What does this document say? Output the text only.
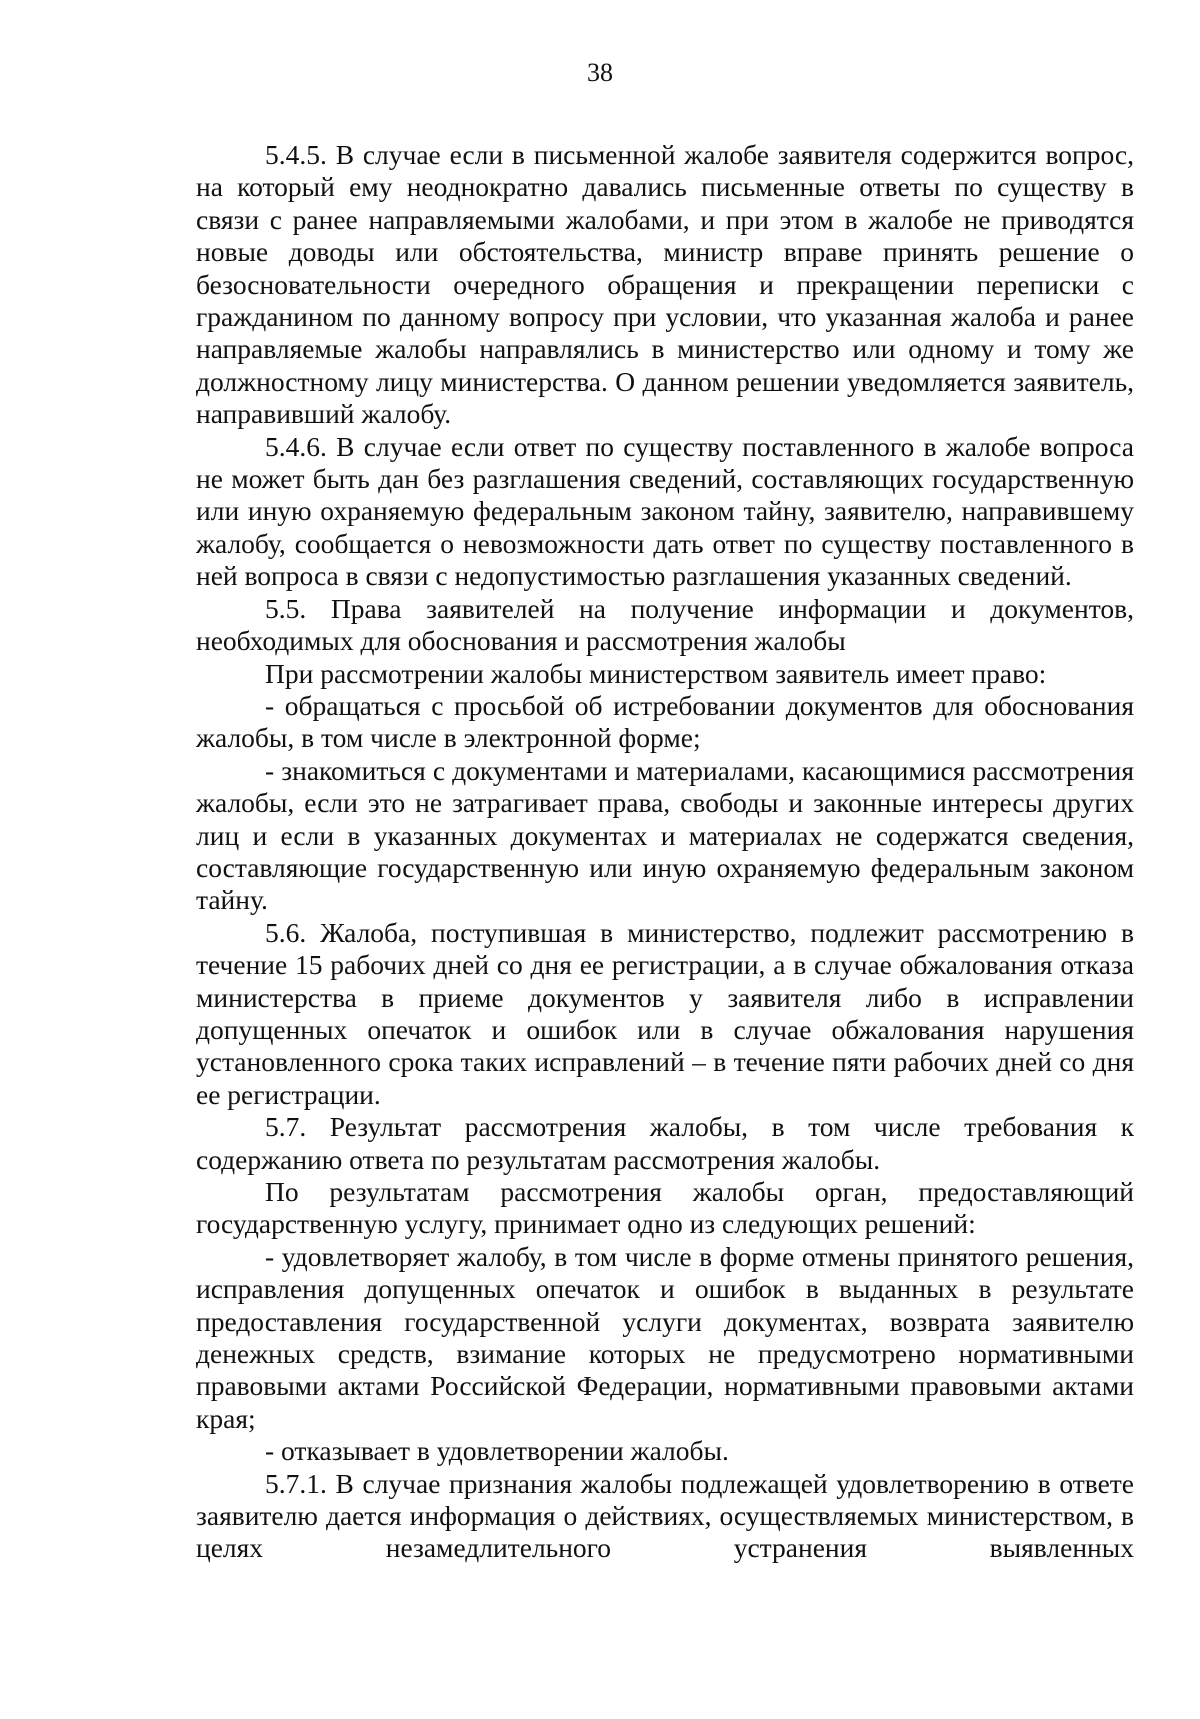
38

5.4.5. В случае если в письменной жалобе заявителя содержится вопрос, на который ему неоднократно давались письменные ответы по существу в связи с ранее направляемыми жалобами, и при этом в жалобе не приводятся новые доводы или обстоятельства, министр вправе принять решение о безосновательности очередного обращения и прекращении переписки с гражданином по данному вопросу при условии, что указанная жалоба и ранее направляемые жалобы направлялись в министерство или одному и тому же должностному лицу министерства. О данном решении уведомляется заявитель, направивший жалобу.

5.4.6. В случае если ответ по существу поставленного в жалобе вопроса не может быть дан без разглашения сведений, составляющих государственную или иную охраняемую федеральным законом тайну, заявителю, направившему жалобу, сообщается о невозможности дать ответ по существу поставленного в ней вопроса в связи с недопустимостью разглашения указанных сведений.

5.5. Права заявителей на получение информации и документов, необходимых для обоснования и рассмотрения жалобы

При рассмотрении жалобы министерством заявитель имеет право:

- обращаться с просьбой об истребовании документов для обоснования жалобы, в том числе в электронной форме;

- знакомиться с документами и материалами, касающимися рассмотрения жалобы, если это не затрагивает права, свободы и законные интересы других лиц и если в указанных документах и материалах не содержатся сведения, составляющие государственную или иную охраняемую федеральным законом тайну.

5.6. Жалоба, поступившая в министерство, подлежит рассмотрению в течение 15 рабочих дней со дня ее регистрации, а в случае обжалования отказа министерства в приеме документов у заявителя либо в исправлении допущенных опечаток и ошибок или в случае обжалования нарушения установленного срока таких исправлений – в течение пяти рабочих дней со дня ее регистрации.

5.7. Результат рассмотрения жалобы, в том числе требования к содержанию ответа по результатам рассмотрения жалобы.

По результатам рассмотрения жалобы орган, предоставляющий государственную услугу, принимает одно из следующих решений:

- удовлетворяет жалобу, в том числе в форме отмены принятого решения, исправления допущенных опечаток и ошибок в выданных в результате предоставления государственной услуги документах, возврата заявителю денежных средств, взимание которых не предусмотрено нормативными правовыми актами Российской Федерации, нормативными правовыми актами края;

- отказывает в удовлетворении жалобы.

5.7.1. В случае признания жалобы подлежащей удовлетворению в ответе заявителю дается информация о действиях, осуществляемых министерством, в целях незамедлительного устранения выявленных
